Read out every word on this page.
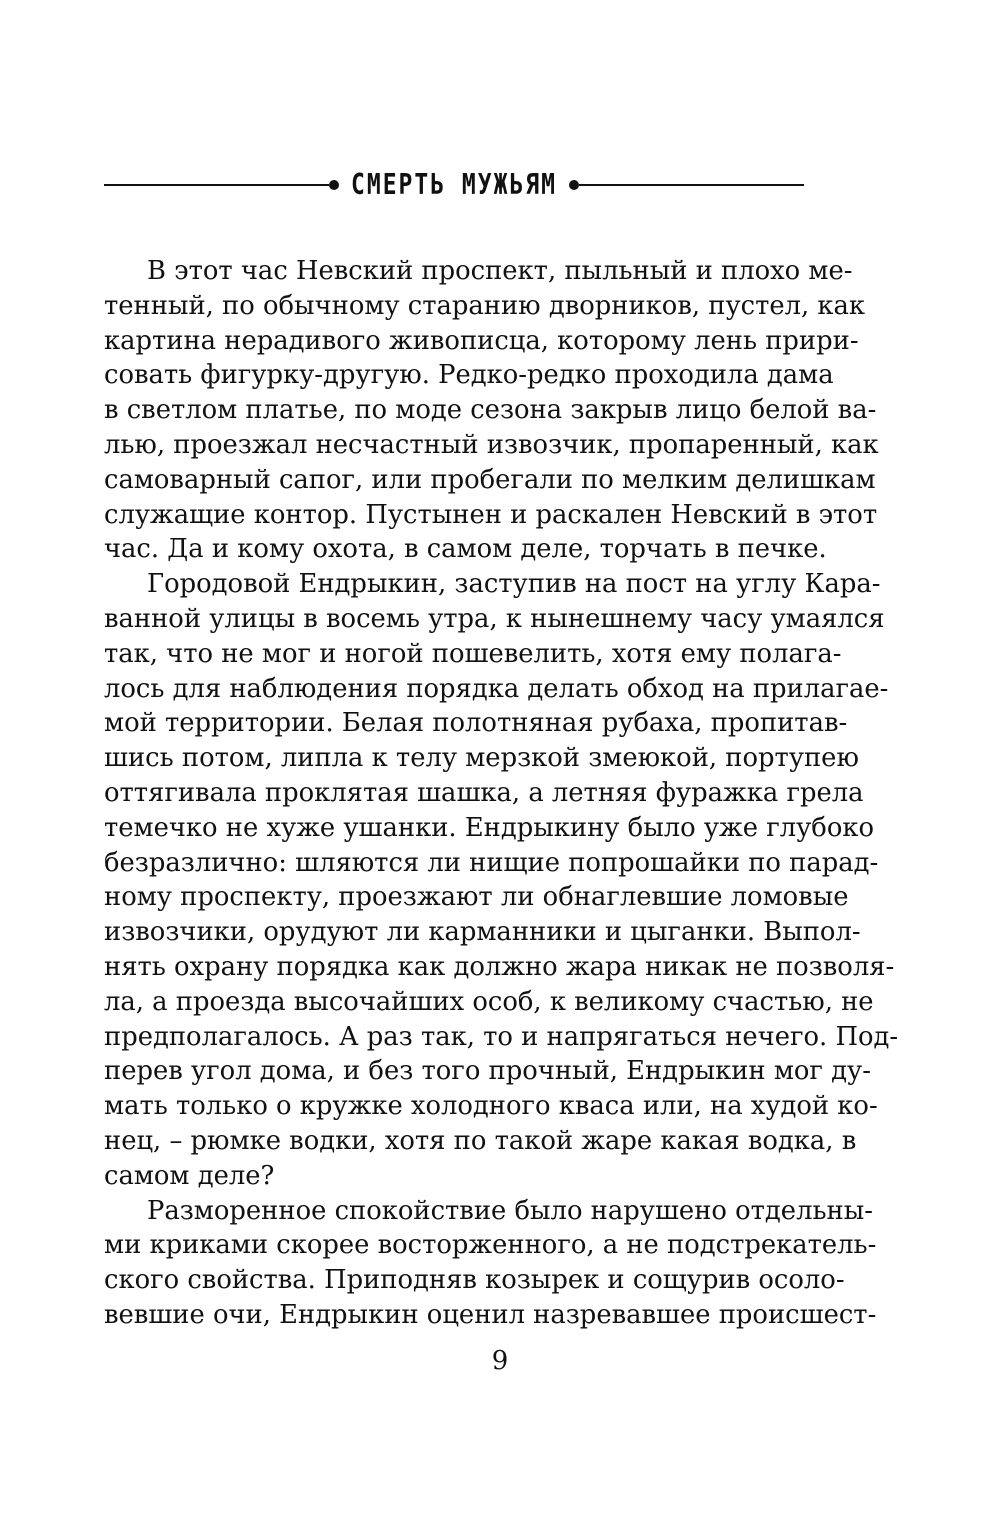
СМЕРТЬ МУЖЬЯМ
В этот час Невский проспект, пыльный и плохо ме-
тенный, по обычному старанию дворников, пустел, как
картина нерадивого живописца, которому лень прири-
совать фигурку-другую. Редко-редко проходила дама
в светлом платье, по моде сезона закрыв лицо белой ва-
лью, проезжал несчастный извозчик, пропаренный, как
самоварный сапог, или пробегали по мелким делишкам
служащие контор. Пустынен и раскален Невский в этот
час. Да и кому охота, в самом деле, торчать в печке.
Городовой Ендрыкин, заступив на пост на углу Кара-
ванной улицы в восемь утра, к нынешнему часу умаялся
так, что не мог и ногой пошевелить, хотя ему полага-
лось для наблюдения порядка делать обход на прилагае-
мой территории. Белая полотняная рубаха, пропитав-
шись потом, липла к телу мерзкой змеюкой, портупею
оттягивала проклятая шашка, а летняя фуражка грела
темечко не хуже ушанки. Ендрыкину было уже глубоко
безразлично: шляются ли нищие попрошайки по парад-
ному проспекту, проезжают ли обнаглевшие ломовые
извозчики, орудуют ли карманники и цыганки. Выпол-
нять охрану порядка как должно жара никак не позволя-
ла, а проезда высочайших особ, к великому счастью, не
предполагалось. А раз так, то и напрягаться нечего. Под-
перев угол дома, и без того прочный, Ендрыкин мог ду-
мать только о кружке холодного кваса или, на худой ко-
нец, – рюмке водки, хотя по такой жаре какая водка, в
самом деле?
Разморенное спокойствие было нарушено отдельны-
ми криками скорее восторженного, а не подстрекатель-
ского свойства. Приподняв козырек и сощурив осоло-
вевшие очи, Ендрыкин оценил назревавшее происшест-
9
